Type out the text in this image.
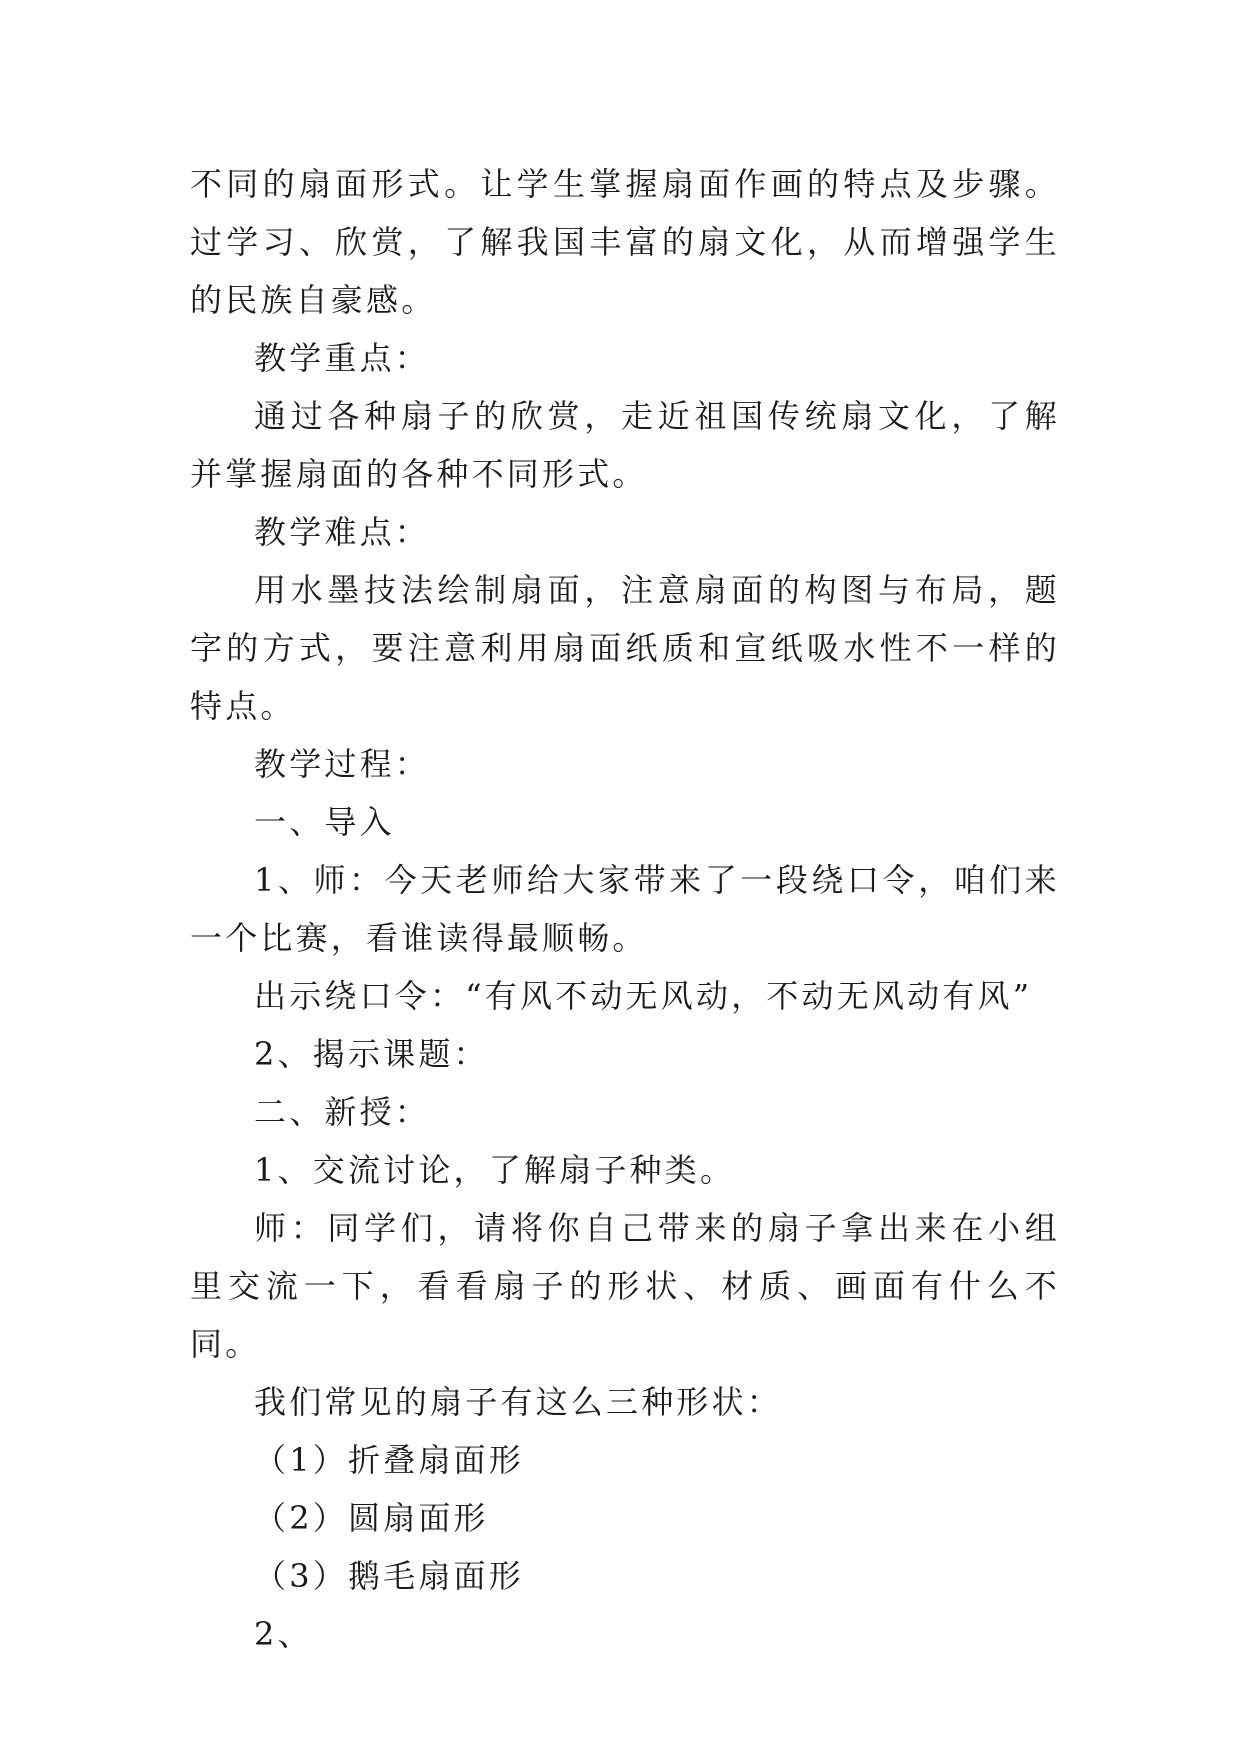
不同的扇面形式。让学生掌握扇面作画的特点及步骤。过学习、欣赏，了解我国丰富的扇文化，从而增强学生的民族自豪感。

教学重点：

通过各种扇子的欣赏，走近祖国传统扇文化，了解并掌握扇面的各种不同形式。

教学难点：

用水墨技法绘制扇面，注意扇面的构图与布局，题字的方式，要注意利用扇面纸质和宣纸吸水性不一样的特点。

教学过程：

一、导入

1、师：今天老师给大家带来了一段绕口令，咱们来一个比赛，看谁读得最顺畅。

出示绕口令：“有风不动无风动，不动无风动有风”

2、揭示课题：

二、新授：

1、交流讨论，了解扇子种类。

师：同学们，请将你自己带来的扇子拿出来在小组里交流一下，看看扇子的形状、材质、画面有什么不同。

我们常见的扇子有这么三种形状：

（1）折叠扇面形

（2）圆扇面形

（3）鹅毛扇面形

2、
